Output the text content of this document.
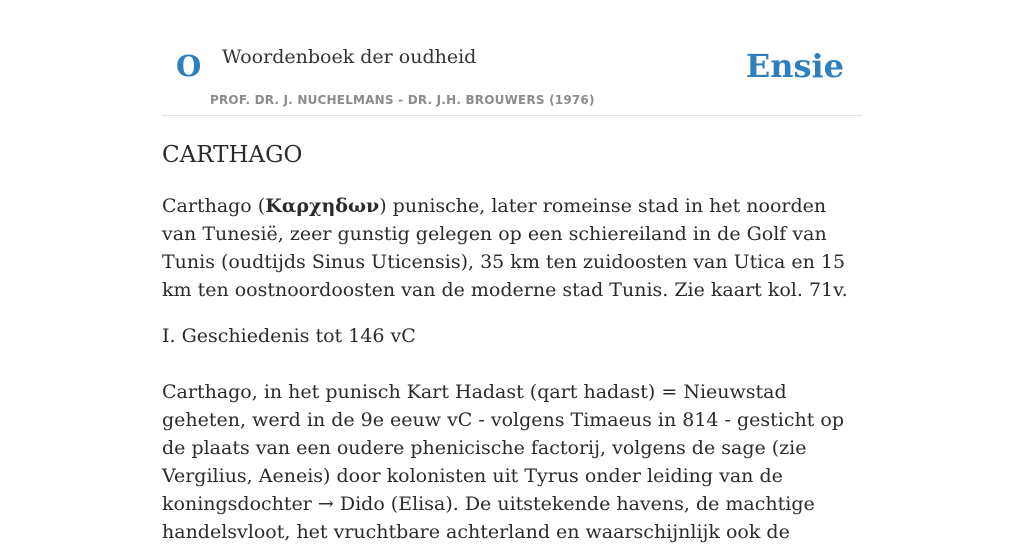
O Woordenboek der oudheid
PROF. DR. J. NUCHELMANS - DR. J.H. BROUWERS (1976)
Ensie
CARTHAGO

Carthago (Καρχηδων) punische, later romeinse stad in het noorden van Tunesië, zeer gunstig gelegen op een schiereiland in de Golf van Tunis (oudtijds Sinus Uticensis), 35 km ten zuidoosten van Utica en 15 km ten oostnoordoosten van de moderne stad Tunis. Zie kaart kol. 71v.

I. Geschiedenis tot 146 vC

Carthago, in het punisch Kart Hadast (qart hadast) = Nieuwstad geheten, werd in de 9e eeuw vC - volgens Timaeus in 814 - gesticht op de plaats van een oudere phenicische factorij, volgens de sage (zie Vergilius, Aeneis) door kolonisten uit Tyrus onder leiding van de koningsdochter → Dido (Elisa). De uitstekende havens, de machtige handelsvloot, het vruchtbare achterland en waarschijnlijk ook de
